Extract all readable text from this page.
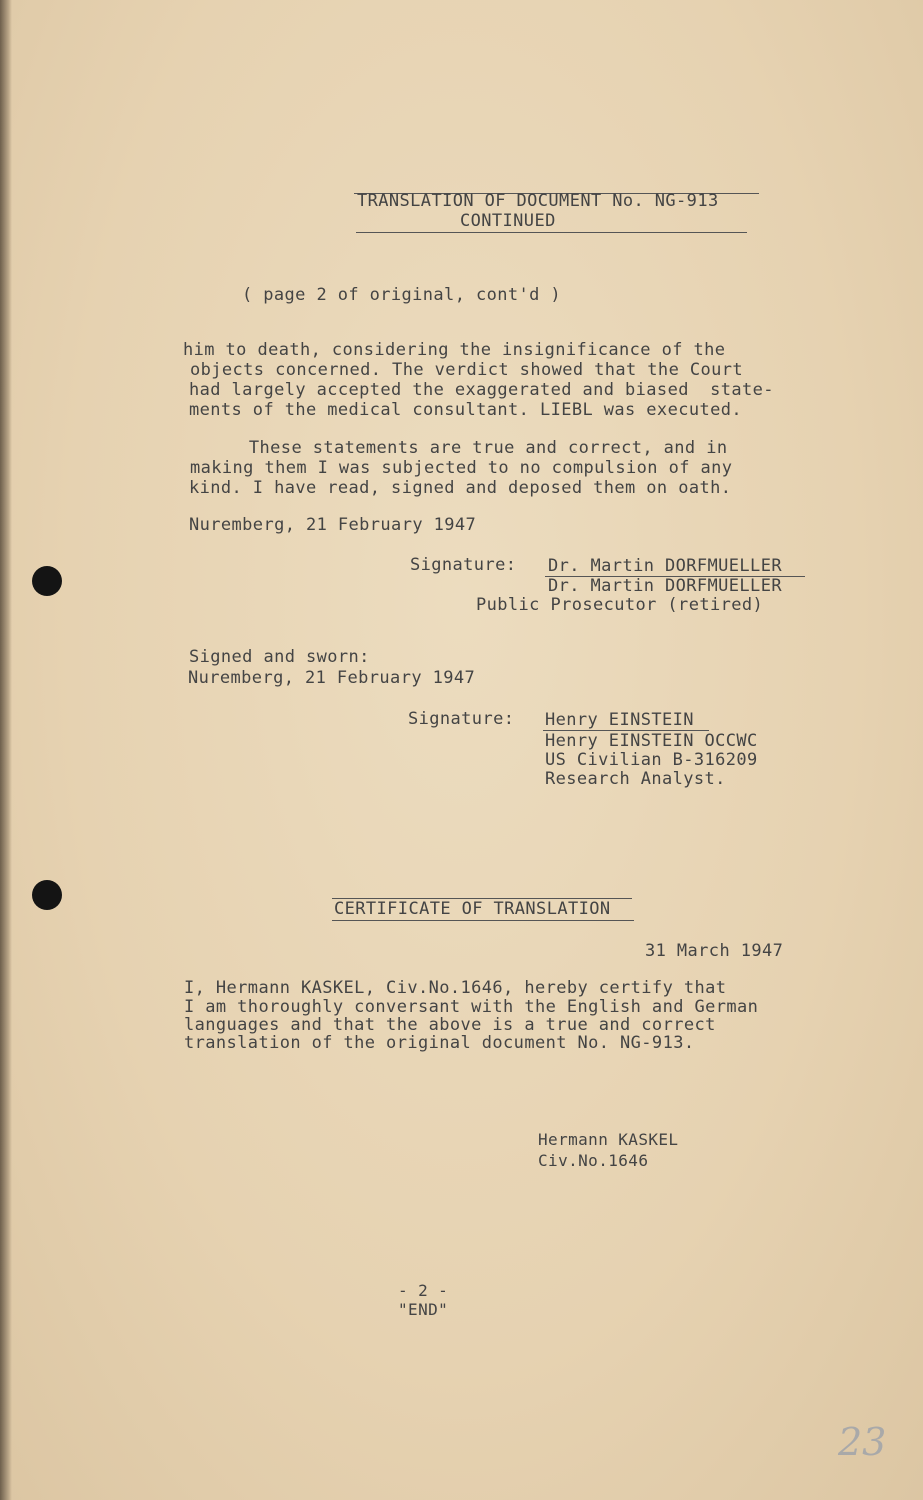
TRANSLATION OF DOCUMENT No. NG-913
CONTINUED
( page 2 of original, cont'd )
him to death, considering the insignificance of the
objects concerned. The verdict showed that the Court
had largely accepted the exaggerated and biased  state-
ments of the medical consultant. LIEBL was executed.
These statements are true and correct, and in
making them I was subjected to no compulsion of any
kind. I have read, signed and deposed them on oath.
Nuremberg, 21 February 1947
Signature: Dr. Martin DORFMUELLER
Dr. Martin DORFMUELLER
Public Prosecutor (retired)
Signed and sworn:
Nuremberg, 21 February 1947
Signature: Henry EINSTEIN
Henry EINSTEIN OCCWC
US Civilian B-316209
Research Analyst.
CERTIFICATE OF TRANSLATION
31 March 1947
I, Hermann KASKEL, Civ.No.1646, hereby certify that
I am thoroughly conversant with the English and German
languages and that the above is a true and correct
translation of the original document No. NG-913.
Hermann KASKEL
Civ.No.1646
- 2 -
"END"
23
